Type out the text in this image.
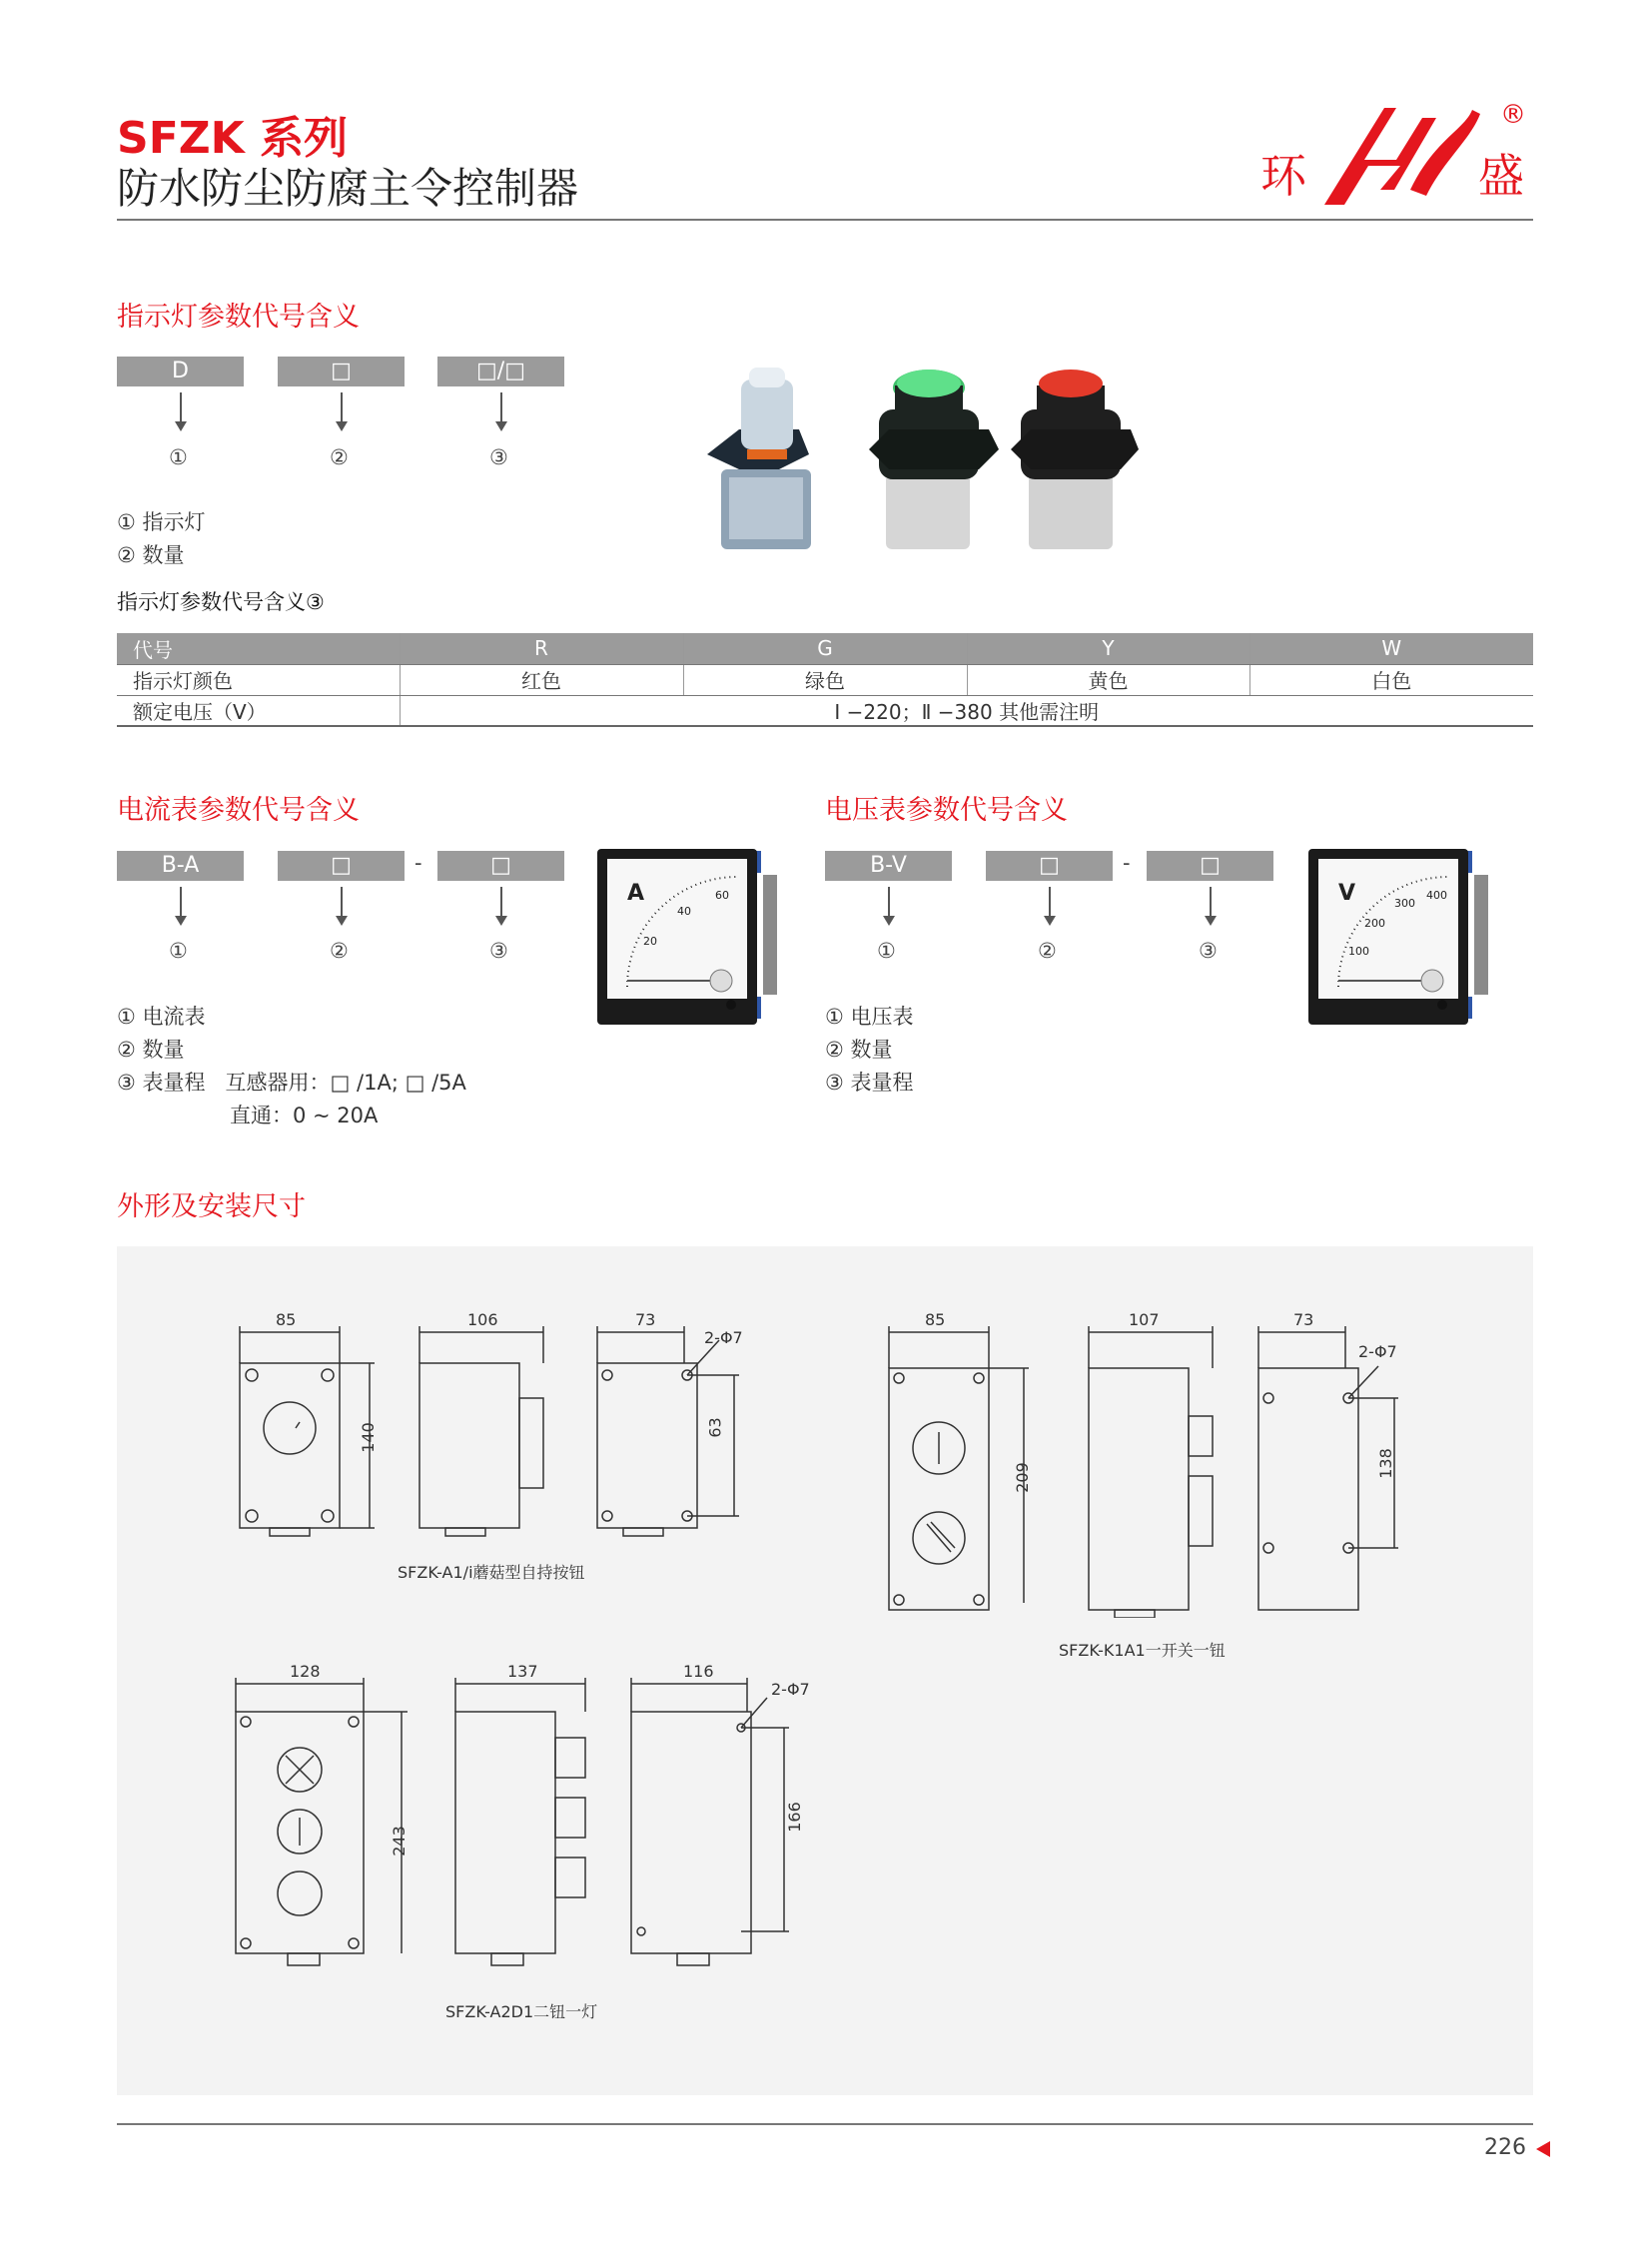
SFZK 系列
防水防尘防腐主令控制器	环	盛
®
指示灯参数代号含义
D	□	□/□
①	②	③
① 指示灯
② 数量
指示灯参数代号含义③
代号	R	G	Y	W
指示灯颜色	红色	绿色	黄色	白色
额定电压（V）	Ⅰ −220；Ⅱ −380 其他需注明			
电流表参数代号含义
B-A	□	-	□
①	②	③
① 电流表
② 数量
③ 表量程   互感器用：□ /1A; □ /5A
直通：0 ~ 20A
A
20
40
60
电压表参数代号含义
B-V	□	-	□
①	②	③
① 电压表
② 数量
③ 表量程
V
100
200
300
400
外形及安装尺寸
85
140
106	73
2-Φ7
63
SFZK-A1/i蘑菇型自持按钮
85
209
107	73
2-Φ7
138
SFZK-K1A1一开关一钮
128
243
137	116
2-Φ7
166
SFZK-A2D1二钮一灯
226
